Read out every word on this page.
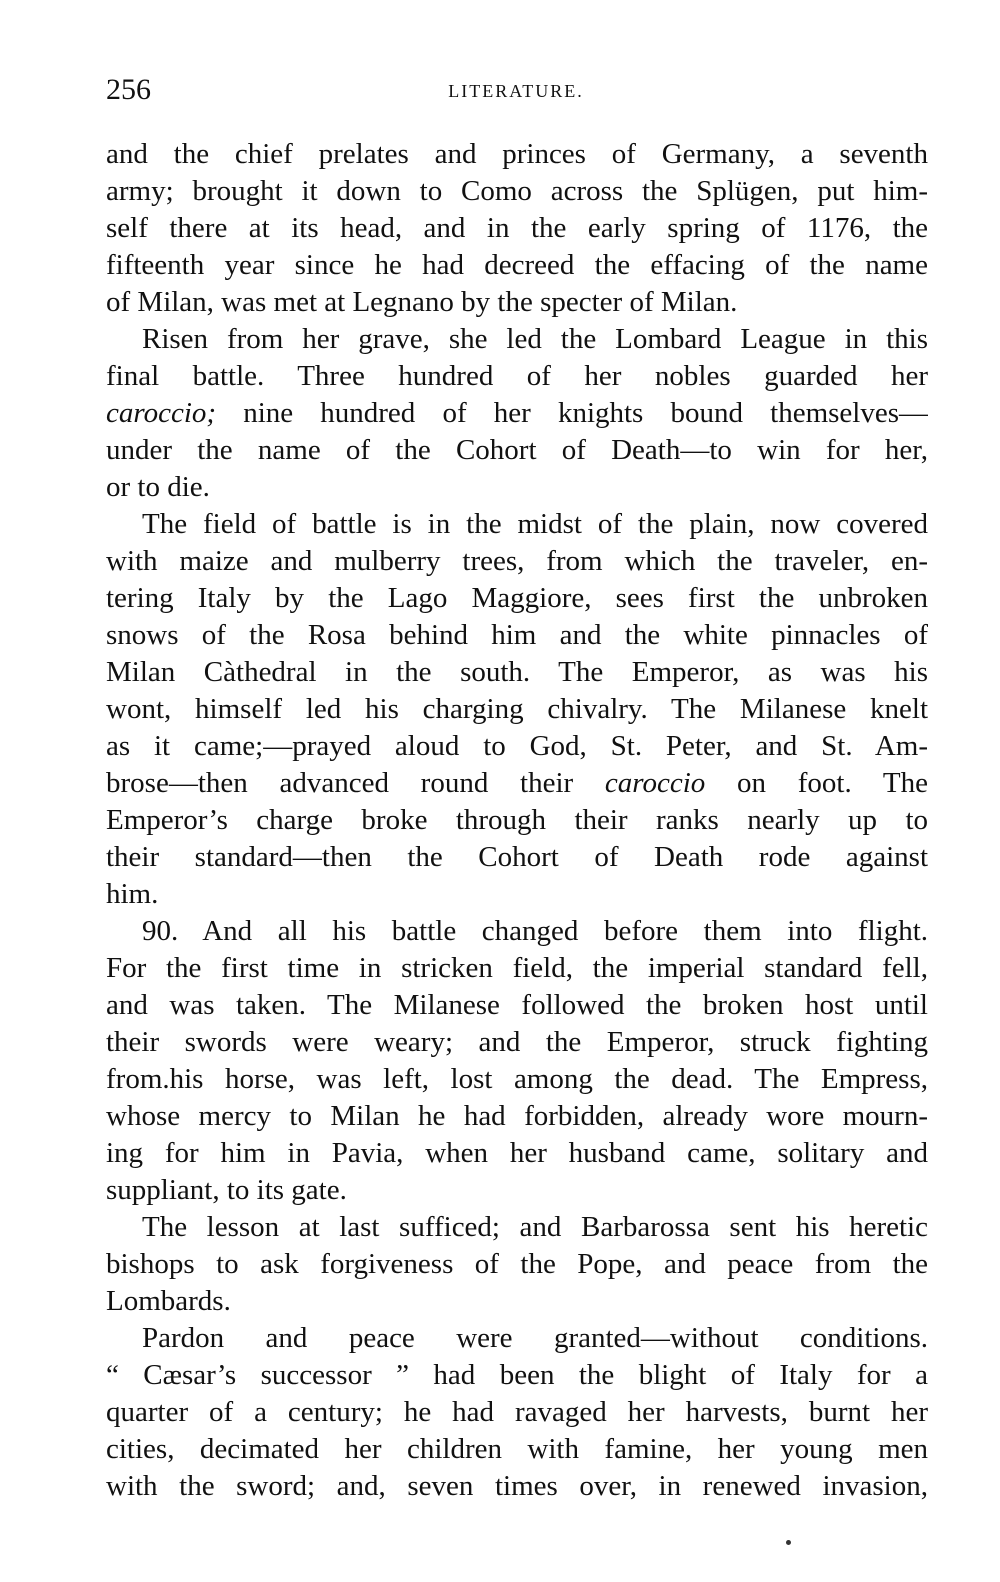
256	LITERATURE.
and the chief prelates and princes of Germany, a seventh
army; brought it down to Como across the Splügen, put him-
self there at its head, and in the early spring of 1176, the
fifteenth year since he had decreed the effacing of the name
of Milan, was met at Legnano by the specter of Milan.
Risen from her grave, she led the Lombard League in this
final battle. Three hundred of her nobles guarded her
caroccio; nine hundred of her knights bound themselves—
under the name of the Cohort of Death—to win for her,
or to die.
The field of battle is in the midst of the plain, now covered
with maize and mulberry trees, from which the traveler, en-
tering Italy by the Lago Maggiore, sees first the unbroken
snows of the Rosa behind him and the white pinnacles of
Milan Càthedral in the south. The Emperor, as was his
wont, himself led his charging chivalry. The Milanese knelt
as it came;—prayed aloud to God, St. Peter, and St. Am-
brose—then advanced round their caroccio on foot. The
Emperor’s charge broke through their ranks nearly up to
their standard—then the Cohort of Death rode against
him.
90. And all his battle changed before them into flight.
For the first time in stricken field, the imperial standard fell,
and was taken. The Milanese followed the broken host until
their swords were weary; and the Emperor, struck fighting
from.his horse, was left, lost among the dead. The Empress,
whose mercy to Milan he had forbidden, already wore mourn-
ing for him in Pavia, when her husband came, solitary and
suppliant, to its gate.
The lesson at last sufficed; and Barbarossa sent his heretic
bishops to ask forgiveness of the Pope, and peace from the
Lombards.
Pardon and peace were granted—without conditions.
“ Cæsar’s successor ” had been the blight of Italy for a
quarter of a century; he had ravaged her harvests, burnt her
cities, decimated her children with famine, her young men
with the sword; and, seven times over, in renewed invasion,
